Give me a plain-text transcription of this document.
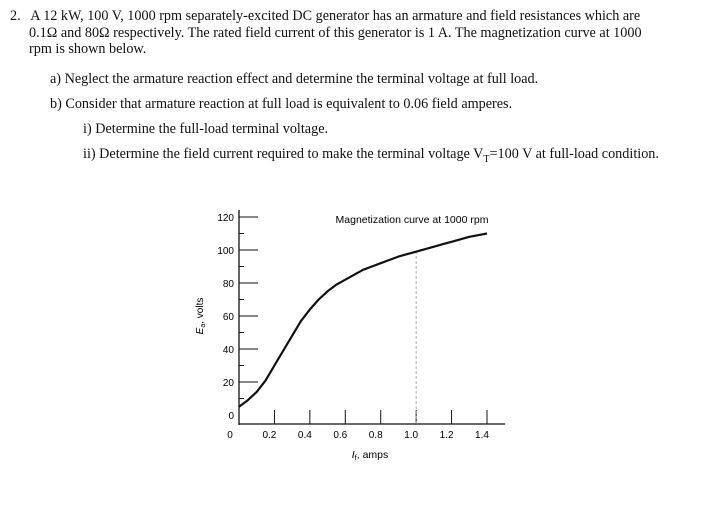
2. A 12 kW, 100 V, 1000 rpm separately-excited DC generator has an armature and field resistances which are
0.1Ω and 80Ω respectively. The rated field current of this generator is 1 A. The magnetization curve at 1000
rpm is shown below.
a) Neglect the armature reaction effect and determine the terminal voltage at full load.
b) Consider that armature reaction at full load is equivalent to 0.06 field amperes.
i) Determine the full-load terminal voltage.
ii) Determine the field current required to make the terminal voltage $V_T=100$ V at full-load condition.
0
20
40
60
80
100
120
0	0.2 0.4 0.6 0.8 1.0 1.2 1.4
Magnetization curve at 1000 rpm
If, amps
$E_a$, volts
